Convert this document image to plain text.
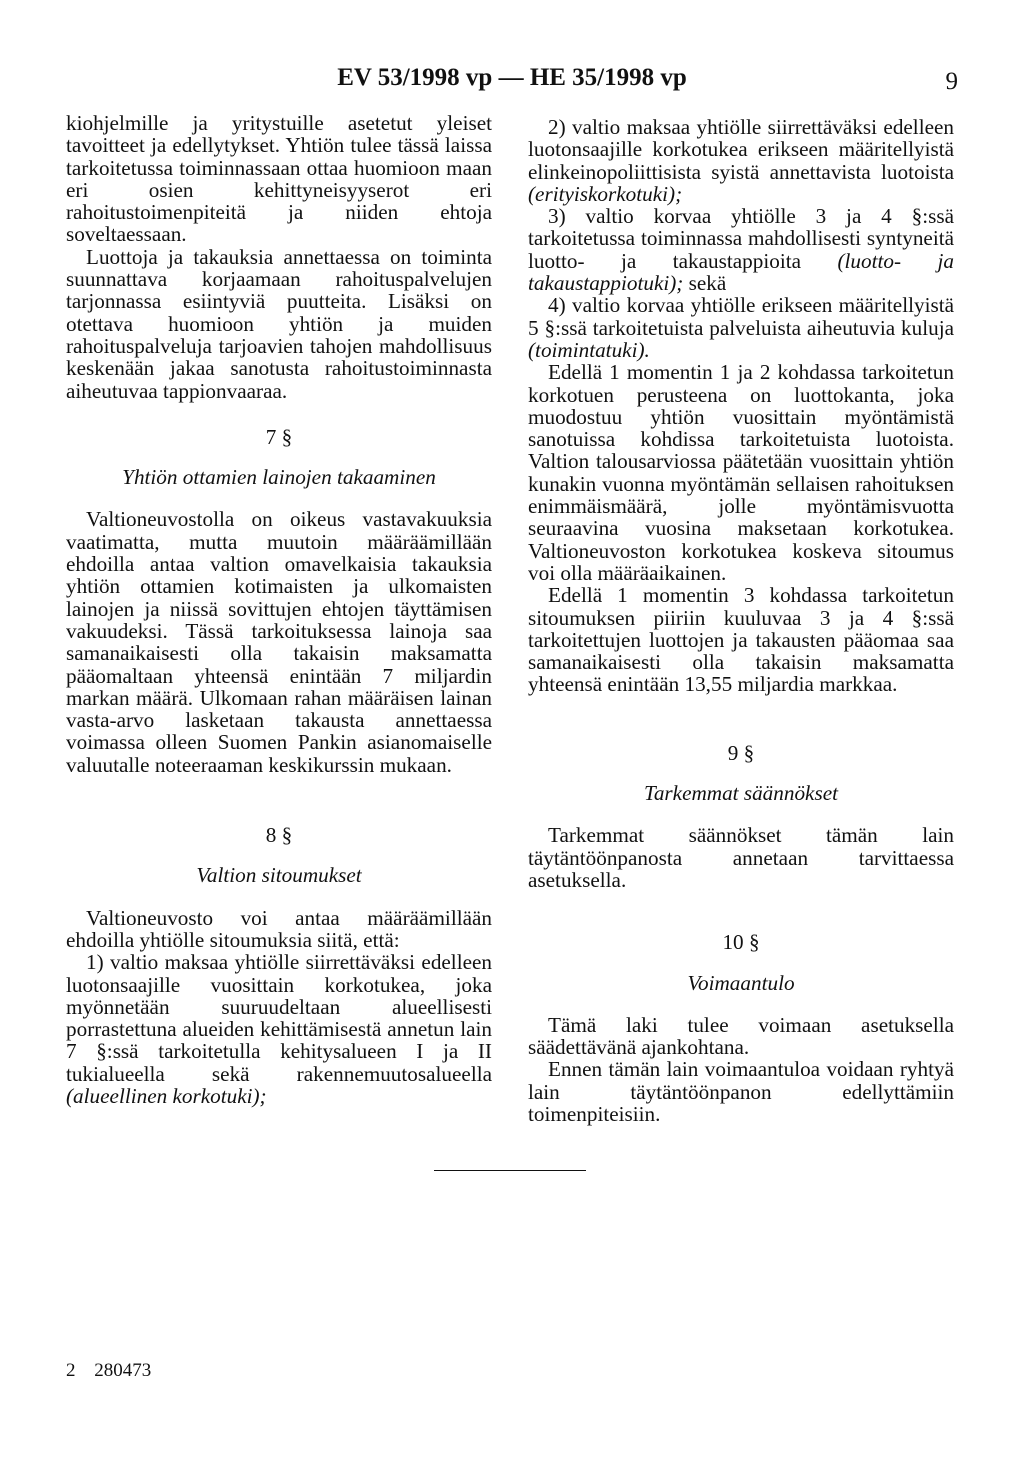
EV 53/1998 vp — HE 35/1998 vp	9

kiohjelmille ja yritystuille asetetut yleiset tavoitteet ja edellytykset. Yhtiön tulee tässä laissa tarkoitetussa toiminnassaan ottaa huomioon maan eri osien kehittyneisyyserot eri rahoitustoimenpiteitä ja niiden ehtoja soveltaessaan.

Luottoja ja takauksia annettaessa on toiminta suunnattava korjaamaan rahoituspalvelujen tarjonnassa esiintyviä puutteita. Lisäksi on otettava huomioon yhtiön ja muiden rahoituspalveluja tarjoavien tahojen mahdollisuus keskenään jakaa sanotusta rahoitustoiminnasta aiheutuvaa tappionvaaraa.

7 §
Yhtiön ottamien lainojen takaaminen

Valtioneuvostolla on oikeus vastavakuuksia vaatimatta, mutta muutoin määräämillään ehdoilla antaa valtion omavelkaisia takauksia yhtiön ottamien kotimaisten ja ulkomaisten lainojen ja niissä sovittujen ehtojen täyttämisen vakuudeksi. Tässä tarkoituksessa lainoja saa samanaikaisesti olla takaisin maksamatta pääomaltaan yhteensä enintään 7 miljardin markan määrä. Ulkomaan rahan määräisen lainan vasta-arvo lasketaan takausta annettaessa voimassa olleen Suomen Pankin asianomaiselle valuutalle noteeraaman keskikurssin mukaan.

8 §
Valtion sitoumukset

Valtioneuvosto voi antaa määräämillään ehdoilla yhtiölle sitoumuksia siitä, että:

1) valtio maksaa yhtiölle siirrettäväksi edelleen luotonsaajille vuosittain korkotukea, joka myönnetään suuruudeltaan alueellisesti porrastettuna alueiden kehittämisestä annetun lain 7 §:ssä tarkoitetulla kehitysalueen I ja II tukialueella sekä rakennemuutosalueella (alueellinen korkotuki);

2) valtio maksaa yhtiölle siirrettäväksi edelleen luotonsaajille korkotukea erikseen määritellyistä elinkeinopoliittisista syistä annettavista luotoista (erityiskorkotuki);

3) valtio korvaa yhtiölle 3 ja 4 §:ssä tarkoitetussa toiminnassa mahdollisesti syntyneitä luotto- ja takaustappioita (luotto- ja takaustappiotuki); sekä

4) valtio korvaa yhtiölle erikseen määritellyistä 5 §:ssä tarkoitetuista palveluista aiheutuvia kuluja (toimintatuki).

Edellä 1 momentin 1 ja 2 kohdassa tarkoitetun korkotuen perusteena on luottokanta, joka muodostuu yhtiön vuosittain myöntämistä sanotuissa kohdissa tarkoitetuista luotoista. Valtion talousarviossa päätetään vuosittain yhtiön kunakin vuonna myöntämän sellaisen rahoituksen enimmäismäärä, jolle myöntämisvuotta seuraavina vuosina maksetaan korkotukea. Valtioneuvoston korkotukea koskeva sitoumus voi olla määräaikainen.

Edellä 1 momentin 3 kohdassa tarkoitetun sitoumuksen piiriin kuuluvaa 3 ja 4 §:ssä tarkoitettujen luottojen ja takausten pääomaa saa samanaikaisesti olla takaisin maksamatta yhteensä enintään 13,55 miljardia markkaa.

9 §
Tarkemmat säännökset

Tarkemmat säännökset tämän lain täytäntöönpanosta annetaan tarvittaessa asetuksella.

10 §
Voimaantulo

Tämä laki tulee voimaan asetuksella säädettävänä ajankohtana.

Ennen tämän lain voimaantuloa voidaan ryhtyä lain täytäntöönpanon edellyttämiin toimenpiteisiin.

2 280473
